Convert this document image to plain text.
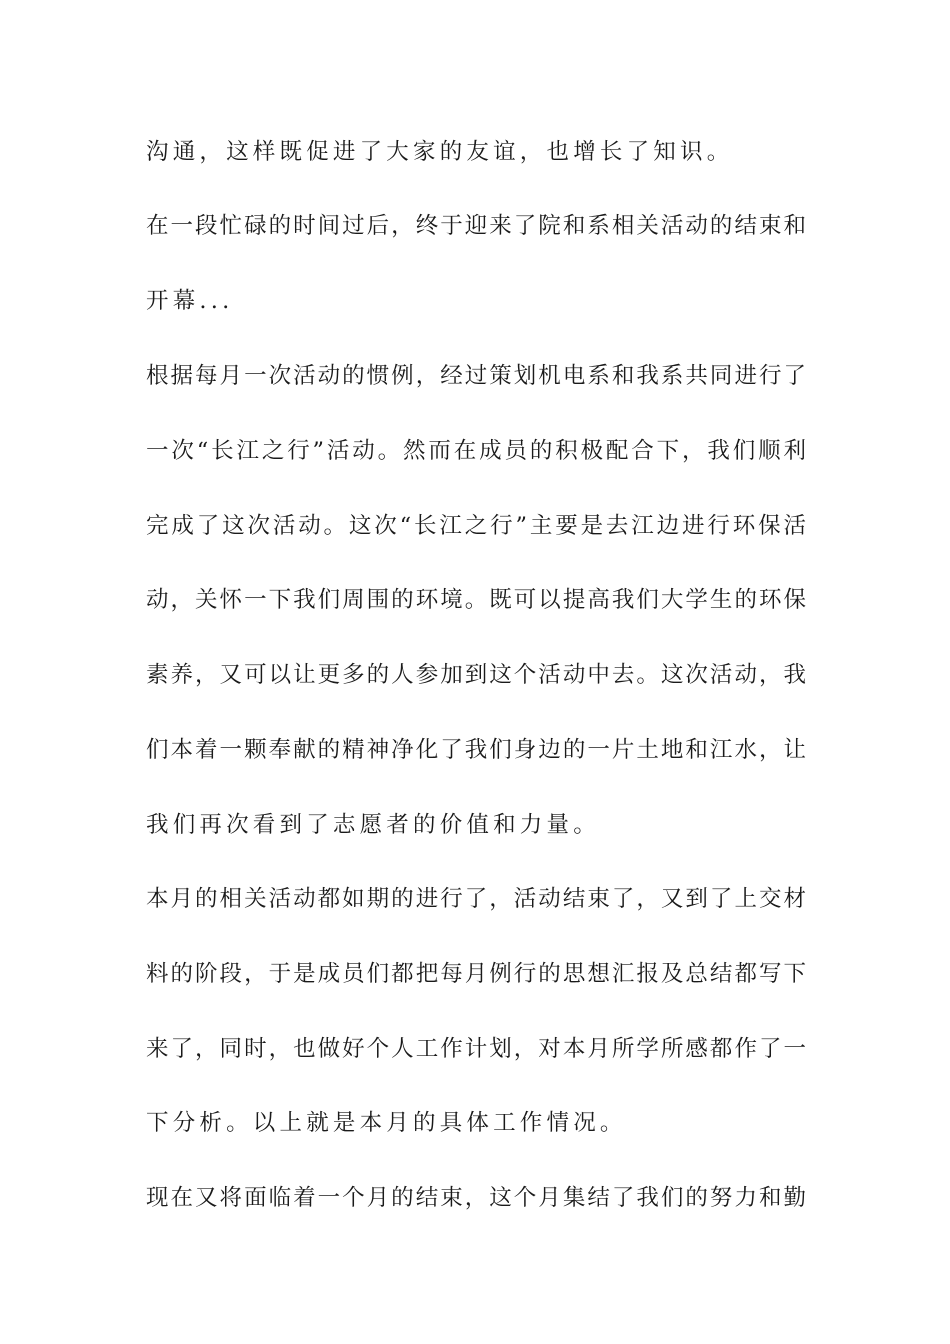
沟通，这样既促进了大家的友谊，也增长了知识。
在一段忙碌的时间过后，终于迎来了院和系相关活动的结束和
开幕...
根据每月一次活动的惯例，经过策划机电系和我系共同进行了
一次“长江之行”活动。然而在成员的积极配合下，我们顺利
完成了这次活动。这次“长江之行”主要是去江边进行环保活
动，关怀一下我们周围的环境。既可以提高我们大学生的环保
素养，又可以让更多的人参加到这个活动中去。这次活动，我
们本着一颗奉献的精神净化了我们身边的一片土地和江水，让
我们再次看到了志愿者的价值和力量。
本月的相关活动都如期的进行了，活动结束了，又到了上交材
料的阶段，于是成员们都把每月例行的思想汇报及总结都写下
来了，同时，也做好个人工作计划，对本月所学所感都作了一
下分析。以上就是本月的具体工作情况。
现在又将面临着一个月的结束，这个月集结了我们的努力和勤
